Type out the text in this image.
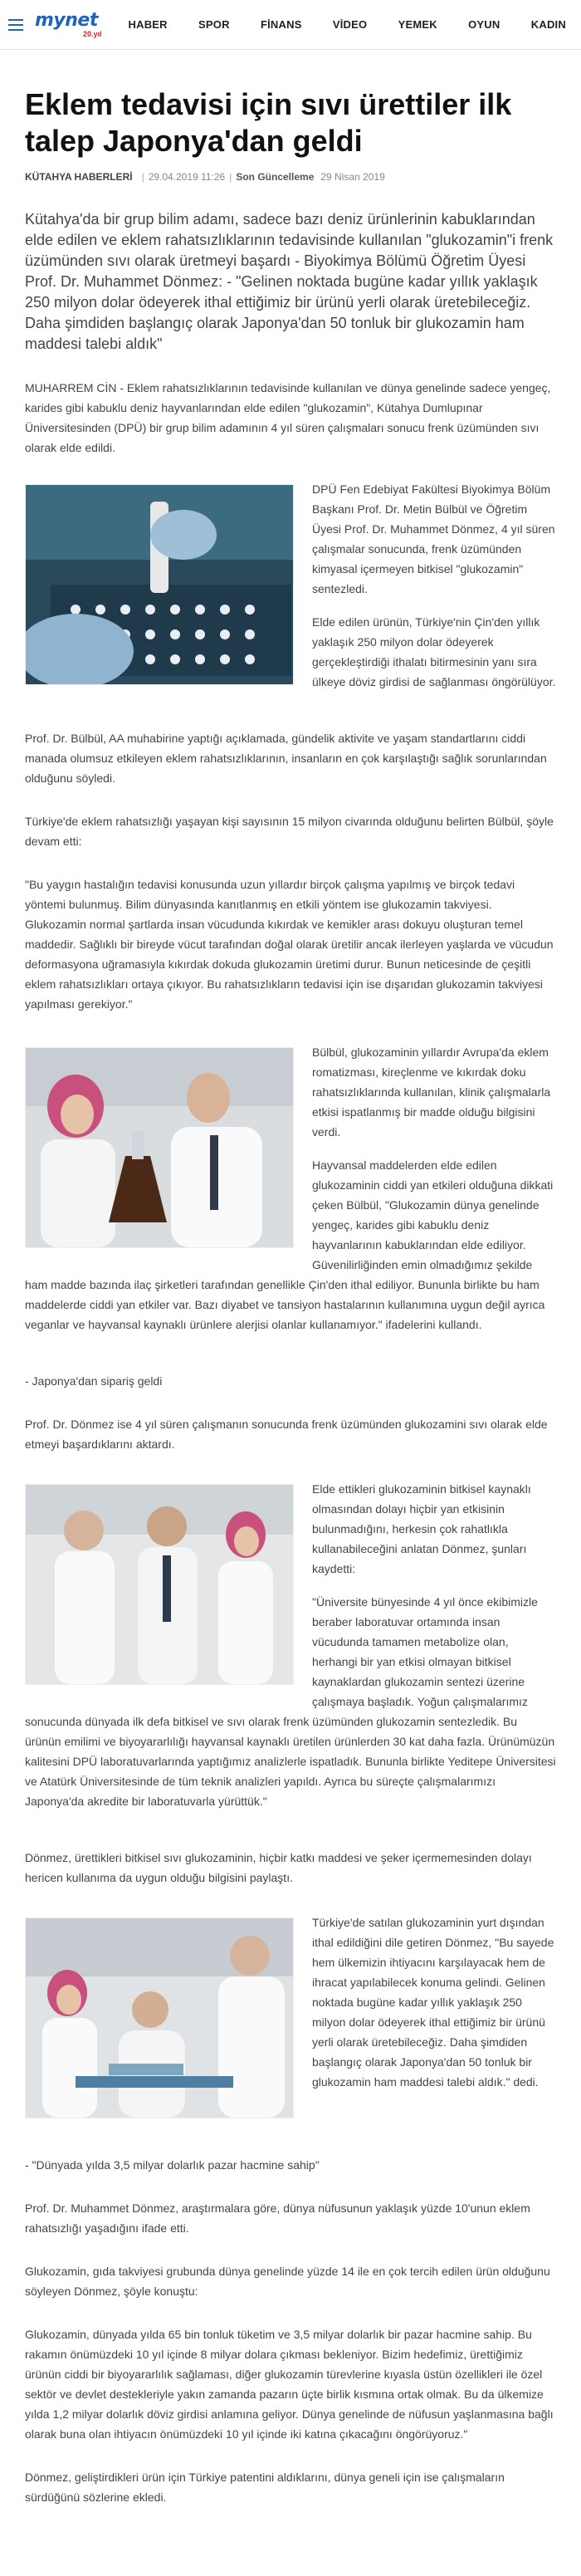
mynet
20.yıl
HABER	SPOR	FİNANS	VİDEO	YEMEK	OYUN	KADIN
Eklem tedavisi için sıvı ürettiler ilk talep Japonya'dan geldi
KÜTAHYA HABERLERİ | 29.04.2019 11:26 | Son Güncelleme 29 Nisan 2019

Kütahya'da bir grup bilim adamı, sadece bazı deniz ürünlerinin kabuklarından elde edilen ve eklem rahatsızlıklarının tedavisinde kullanılan "glukozamin"i frenk üzümünden sıvı olarak üretmeyi başardı - Biyokimya Bölümü Öğretim Üyesi Prof. Dr. Muhammet Dönmez: - "Gelinen noktada bugüne kadar yıllık yaklaşık 250 milyon dolar ödeyerek ithal ettiğimiz bir ürünü yerli olarak üretebileceğiz. Daha şimdiden başlangıç olarak Japonya'dan 50 tonluk bir glukozamin ham maddesi talebi aldık"

MUHARREM CİN - Eklem rahatsızlıklarının tedavisinde kullanılan ve dünya genelinde sadece yengeç, karides gibi kabuklu deniz hayvanlarından elde edilen "glukozamin", Kütahya Dumlupınar Üniversitesinden (DPÜ) bir grup bilim adamının 4 yıl süren çalışmaları sonucu frenk üzümünden sıvı olarak elde edildi.

DPÜ Fen Edebiyat Fakültesi Biyokimya Bölüm Başkanı Prof. Dr. Metin Bülbül ve Öğretim Üyesi Prof. Dr. Muhammet Dönmez, 4 yıl süren çalışmalar sonucunda, frenk üzümünden kimyasal içermeyen bitkisel "glukozamin" sentezledi.

Elde edilen ürünün, Türkiye'nin Çin'den yıllık yaklaşık 250 milyon dolar ödeyerek gerçekleştirdiği ithalatı bitirmesinin yanı sıra ülkeye döviz girdisi de sağlanması öngörülüyor.

Prof. Dr. Bülbül, AA muhabirine yaptığı açıklamada, gündelik aktivite ve yaşam standartlarını ciddi manada olumsuz etkileyen eklem rahatsızlıklarının, insanların en çok karşılaştığı sağlık sorunlarından olduğunu söyledi.

Türkiye'de eklem rahatsızlığı yaşayan kişi sayısının 15 milyon civarında olduğunu belirten Bülbül, şöyle devam etti:

"Bu yaygın hastalığın tedavisi konusunda uzun yıllardır birçok çalışma yapılmış ve birçok tedavi yöntemi bulunmuş. Bilim dünyasında kanıtlanmış en etkili yöntem ise glukozamin takviyesi. Glukozamin normal şartlarda insan vücudunda kıkırdak ve kemikler arası dokuyu oluşturan temel maddedir. Sağlıklı bir bireyde vücut tarafından doğal olarak üretilir ancak ilerleyen yaşlarda ve vücudun deformasyona uğramasıyla kıkırdak dokuda glukozamin üretimi durur. Bunun neticesinde de çeşitli eklem rahatsızlıkları ortaya çıkıyor. Bu rahatsızlıkların tedavisi için ise dışarıdan glukozamin takviyesi yapılması gerekiyor."

Bülbül, glukozaminin yıllardır Avrupa'da eklem romatizması, kireçlenme ve kıkırdak doku rahatsızlıklarında kullanılan, klinik çalışmalarla etkisi ispatlanmış bir madde olduğu bilgisini verdi.

Hayvansal maddelerden elde edilen glukozaminin ciddi yan etkileri olduğuna dikkati çeken Bülbül, "Glukozamin dünya genelinde yengeç, karides gibi kabuklu deniz hayvanlarının kabuklarından elde ediliyor. Güvenilirliğinden emin olmadığımız şekilde ham madde bazında ilaç şirketleri tarafından genellikle Çin'den ithal ediliyor. Bununla birlikte bu ham maddelerde ciddi yan etkiler var. Bazı diyabet ve tansiyon hastalarının kullanımına uygun değil ayrıca veganlar ve hayvansal kaynaklı ürünlere alerjisi olanlar kullanamıyor." ifadelerini kullandı.

- Japonya'dan sipariş geldi

Prof. Dr. Dönmez ise 4 yıl süren çalışmanın sonucunda frenk üzümünden glukozamini sıvı olarak elde etmeyi başardıklarını aktardı.

Elde ettikleri glukozaminin bitkisel kaynaklı olmasından dolayı hiçbir yan etkisinin bulunmadığını, herkesin çok rahatlıkla kullanabileceğini anlatan Dönmez, şunları kaydetti:

"Üniversite bünyesinde 4 yıl önce ekibimizle beraber laboratuvar ortamında insan vücudunda tamamen metabolize olan, herhangi bir yan etkisi olmayan bitkisel kaynaklardan glukozamin sentezi üzerine çalışmaya başladık. Yoğun çalışmalarımız sonucunda dünyada ilk defa bitkisel ve sıvı olarak frenk üzümünden glukozamin sentezledik. Bu ürünün emilimi ve biyoyararlılığı hayvansal kaynaklı üretilen ürünlerden 30 kat daha fazla. Ürünümüzün kalitesini DPÜ laboratuvarlarında yaptığımız analizlerle ispatladık. Bununla birlikte Yeditepe Üniversitesi ve Atatürk Üniversitesinde de tüm teknik analizleri yapıldı. Ayrıca bu süreçte çalışmalarımızı Japonya'da akredite bir laboratuvarla yürüttük."

Dönmez, ürettikleri bitkisel sıvı glukozaminin, hiçbir katkı maddesi ve şeker içermemesinden dolayı hericen kullanıma da uygun olduğu bilgisini paylaştı.

Türkiye'de satılan glukozaminin yurt dışından ithal edildiğini dile getiren Dönmez, "Bu sayede hem ülkemizin ihtiyacını karşılayacak hem de ihracat yapılabilecek konuma gelindi. Gelinen noktada bugüne kadar yıllık yaklaşık 250 milyon dolar ödeyerek ithal ettiğimiz bir ürünü yerli olarak üretebileceğiz. Daha şimdiden başlangıç olarak Japonya'dan 50 tonluk bir glukozamin ham maddesi talebi aldık." dedi.

- "Dünyada yılda 3,5 milyar dolarlık pazar hacmine sahip"

Prof. Dr. Muhammet Dönmez, araştırmalara göre, dünya nüfusunun yaklaşık yüzde 10'unun eklem rahatsızlığı yaşadığını ifade etti.

Glukozamin, gıda takviyesi grubunda dünya genelinde yüzde 14 ile en çok tercih edilen ürün olduğunu söyleyen Dönmez, şöyle konuştu:

Glukozamin, dünyada yılda 65 bin tonluk tüketim ve 3,5 milyar dolarlık bir pazar hacmine sahip. Bu rakamın önümüzdeki 10 yıl içinde 8 milyar dolara çıkması bekleniyor. Bizim hedefimiz, ürettiğimiz ürünün ciddi bir biyoyararlılık sağlaması, diğer glukozamin türevlerine kıyasla üstün özellikleri ile özel sektör ve devlet destekleriyle yakın zamanda pazarın üçte birlik kısmına ortak olmak. Bu da ülkemize yılda 1,2 milyar dolarlık döviz girdisi anlamına geliyor. Dünya genelinde de nüfusun yaşlanmasına bağlı olarak buna olan ihtiyacın önümüzdeki 10 yıl içinde iki katına çıkacağını öngörüyoruz."

Dönmez, geliştirdikleri ürün için Türkiye patentini aldıklarını, dünya geneli için ise çalışmaların sürdüğünü sözlerine ekledi.
